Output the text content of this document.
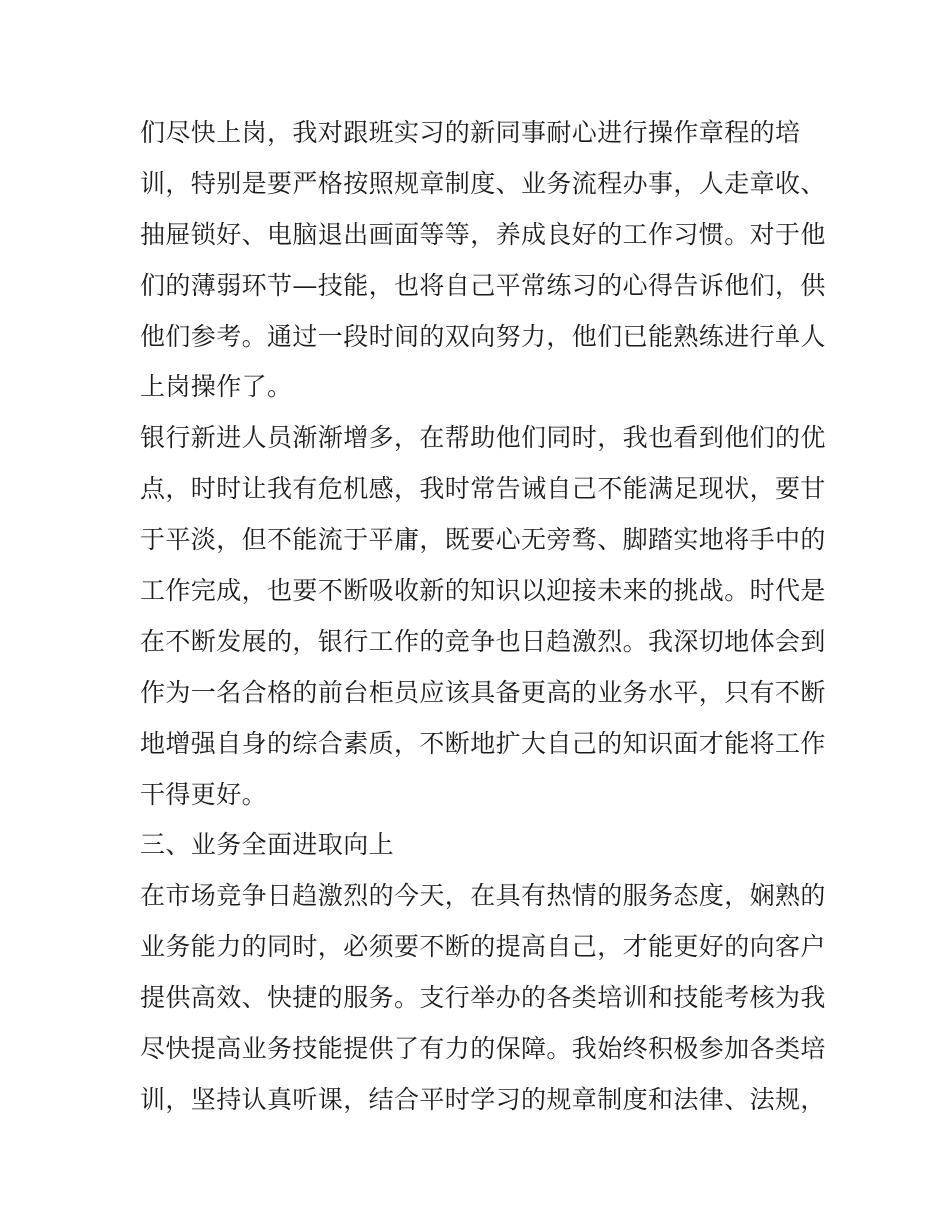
们尽快上岗，我对跟班实习的新同事耐心进行操作章程的培
训，特别是要严格按照规章制度、业务流程办事，人走章收、
抽屉锁好、电脑退出画面等等，养成良好的工作习惯。对于他
们的薄弱环节—技能，也将自己平常练习的心得告诉他们，供
他们参考。通过一段时间的双向努力，他们已能熟练进行单人
上岗操作了。
银行新进人员渐渐增多，在帮助他们同时，我也看到他们的优
点，时时让我有危机感，我时常告诫自己不能满足现状，要甘
于平淡，但不能流于平庸，既要心无旁骛、脚踏实地将手中的
工作完成，也要不断吸收新的知识以迎接未来的挑战。时代是
在不断发展的，银行工作的竞争也日趋激烈。我深切地体会到
作为一名合格的前台柜员应该具备更高的业务水平，只有不断
地增强自身的综合素质，不断地扩大自己的知识面才能将工作
干得更好。
三、业务全面进取向上
在市场竞争日趋激烈的今天，在具有热情的服务态度，娴熟的
业务能力的同时，必须要不断的提高自己，才能更好的向客户
提供高效、快捷的服务。支行举办的各类培训和技能考核为我
尽快提高业务技能提供了有力的保障。我始终积极参加各类培
训，坚持认真听课，结合平时学习的规章制度和法律、法规，
